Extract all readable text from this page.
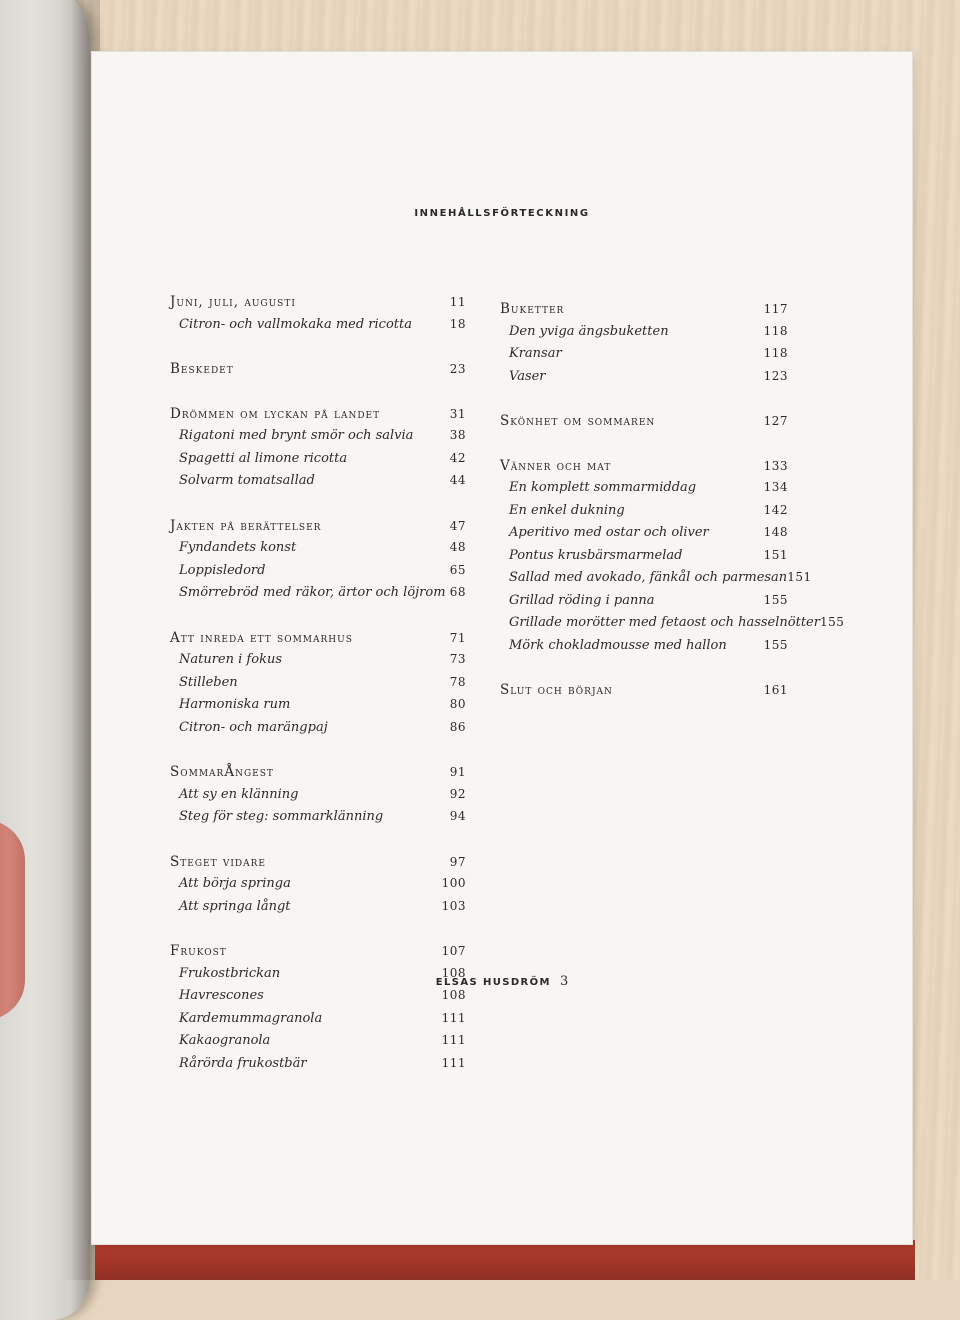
INNEHÅLLSFÖRTECKNING
Juni, juli, augusti	11
Citron- och vallmokaka med ricotta	18
Beskedet	23
Drömmen om lyckan på landet	31
Rigatoni med brynt smör och salvia	38
Spagetti al limone ricotta	42
Solvarm tomatsallad	44
Jakten på berättelser	47
Fyndandets konst	48
Loppisledord	65
Smörrebröd med räkor, ärtor och löjrom 68
Att inreda ett sommarhus	71
Naturen i fokus	73
Stilleben	78
Harmoniska rum	80
Citron- och marängpaj	86
SommarÅngest	91
Att sy en klänning	92
Steg för steg: sommarklänning	94
Steget vidare	97
Att börja springa	100
Att springa långt	103
Frukost	107
Frukostbrickan	108
Havrescones	108
Kardemummagranola	111
Kakaogranola	111
Rårörda frukostbär	111
Buketter	117
Den yviga ängsbuketten	118
Kransar	118
Vaser	123
Skönhet om sommaren	127
Vänner och mat	133
En komplett sommarmiddag	134
En enkel dukning	142
Aperitivo med ostar och oliver	148
Pontus krusbärsmarmelad	151
Sallad med avokado, fänkål och parmesan 151
Grillad röding i panna	155
Grillade morötter med fetaost och hasselnötter 155
Mörk chokladmousse med hallon	155
Slut och början	161
ELSAS HUSDRÖM 3
